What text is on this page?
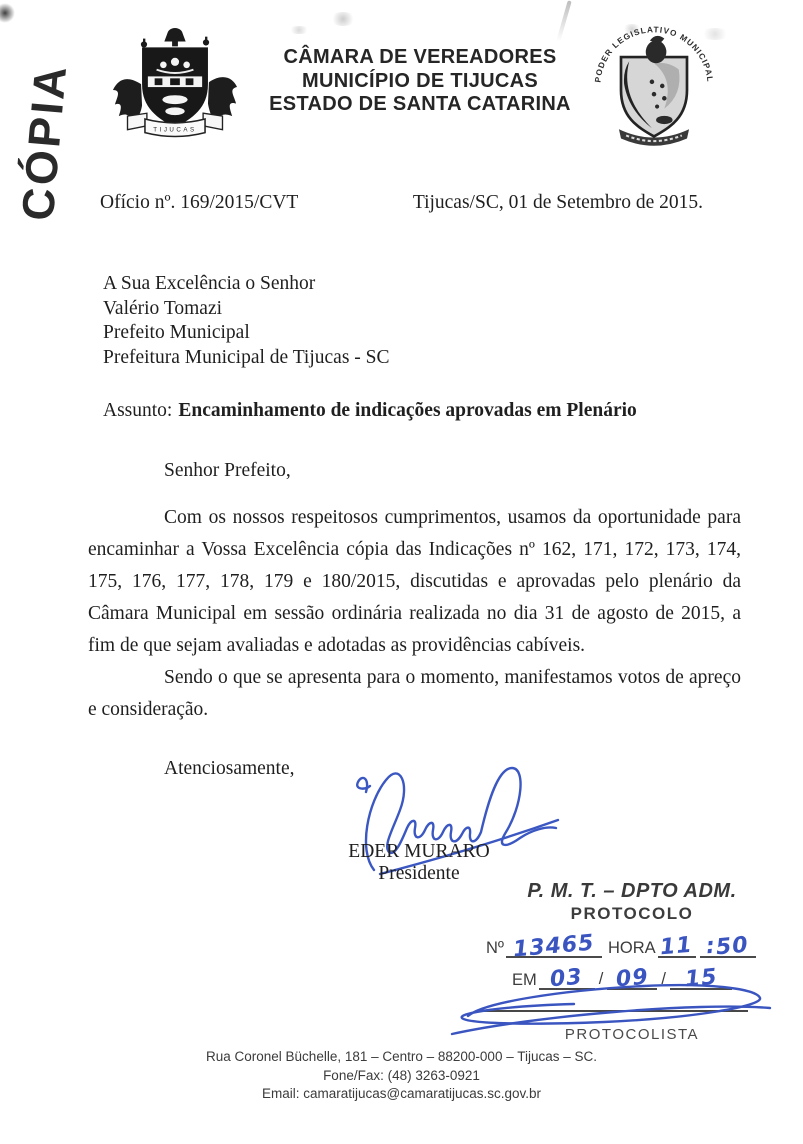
CÓPIA	TIJUCAS
CÂMARA DE VEREADORES
MUNICÍPIO DE TIJUCAS
ESTADO DE SANTA CATARINA
PODER LEGISLATIVO MUNICIPAL
Ofício nº. 169/2015/CVT	Tijucas/SC, 01 de Setembro de 2015.
A Sua Excelência o Senhor
Valério Tomazi
Prefeito Municipal
Prefeitura Municipal de Tijucas - SC
Assunto: Encaminhamento de indicações aprovadas em Plenário
Senhor Prefeito,

Com os nossos respeitosos cumprimentos, usamos da oportunidade para encaminhar a Vossa Excelência cópia das Indicações nº 162, 171, 172, 173, 174, 175, 176, 177, 178, 179 e 180/2015, discutidas e aprovadas pelo plenário da Câmara Municipal em sessão ordinária realizada no dia 31 de agosto de 2015, a fim de que sejam avaliadas e adotadas as providências cabíveis.

Sendo o que se apresenta para o momento, manifestamos votos de apreço e consideração.

Atenciosamente,
EDER MURARO
Presidente
P. M. T. – DPTO ADM.
PROTOCOLO
Nº 13465 HORA 11 :50
EM 03 / 09 / 15
PROTOCOLISTA
Rua Coronel Büchelle, 181 – Centro – 88200-000 – Tijucas – SC.
Fone/Fax: (48) 3263-0921
Email: camaratijucas@camaratijucas.sc.gov.br
